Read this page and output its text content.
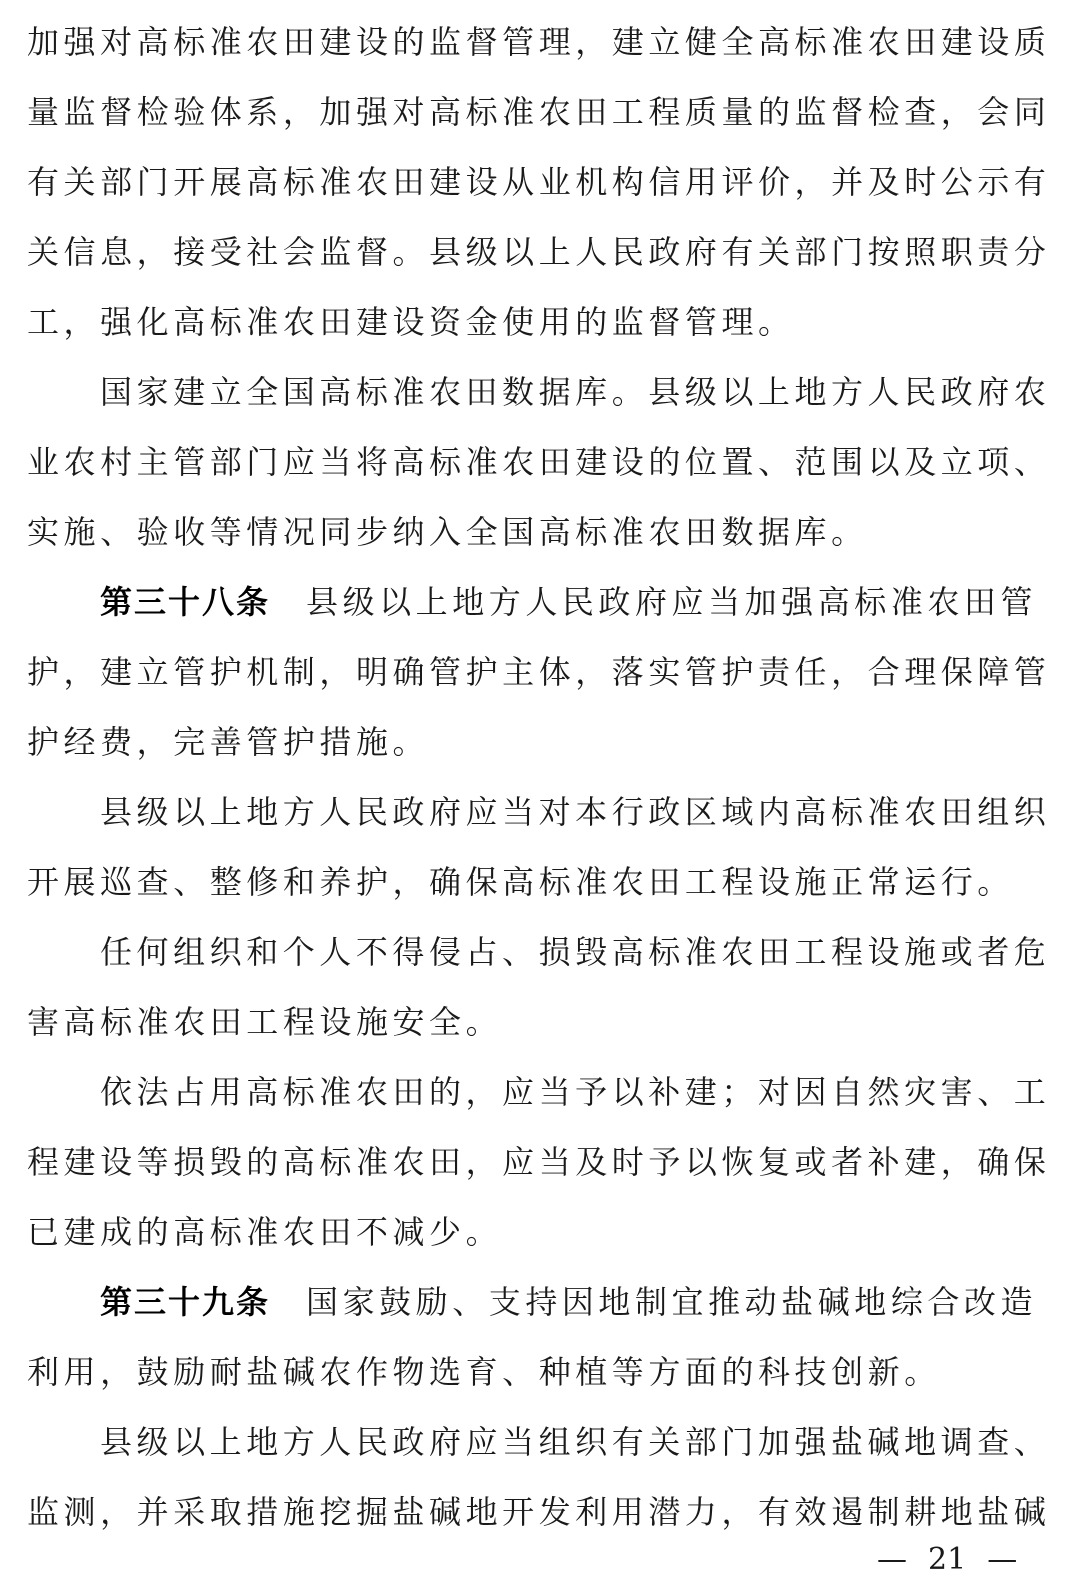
加强对高标准农田建设的监督管理，建立健全高标准农田建设质
量监督检验体系，加强对高标准农田工程质量的监督检查，会同
有关部门开展高标准农田建设从业机构信用评价，并及时公示有
关信息，接受社会监督。县级以上人民政府有关部门按照职责分
工，强化高标准农田建设资金使用的监督管理。
国家建立全国高标准农田数据库。县级以上地方人民政府农
业农村主管部门应当将高标准农田建设的位置、范围以及立项、
实施、验收等情况同步纳入全国高标准农田数据库。
第三十八条 县级以上地方人民政府应当加强高标准农田管
护，建立管护机制，明确管护主体，落实管护责任，合理保障管
护经费，完善管护措施。
县级以上地方人民政府应当对本行政区域内高标准农田组织
开展巡查、整修和养护，确保高标准农田工程设施正常运行。
任何组织和个人不得侵占、损毁高标准农田工程设施或者危
害高标准农田工程设施安全。
依法占用高标准农田的，应当予以补建；对因自然灾害、工
程建设等损毁的高标准农田，应当及时予以恢复或者补建，确保
已建成的高标准农田不减少。
第三十九条 国家鼓励、支持因地制宜推动盐碱地综合改造
利用，鼓励耐盐碱农作物选育、种植等方面的科技创新。
县级以上地方人民政府应当组织有关部门加强盐碱地调查、
监测，并采取措施挖掘盐碱地开发利用潜力，有效遏制耕地盐碱
— 21 —
